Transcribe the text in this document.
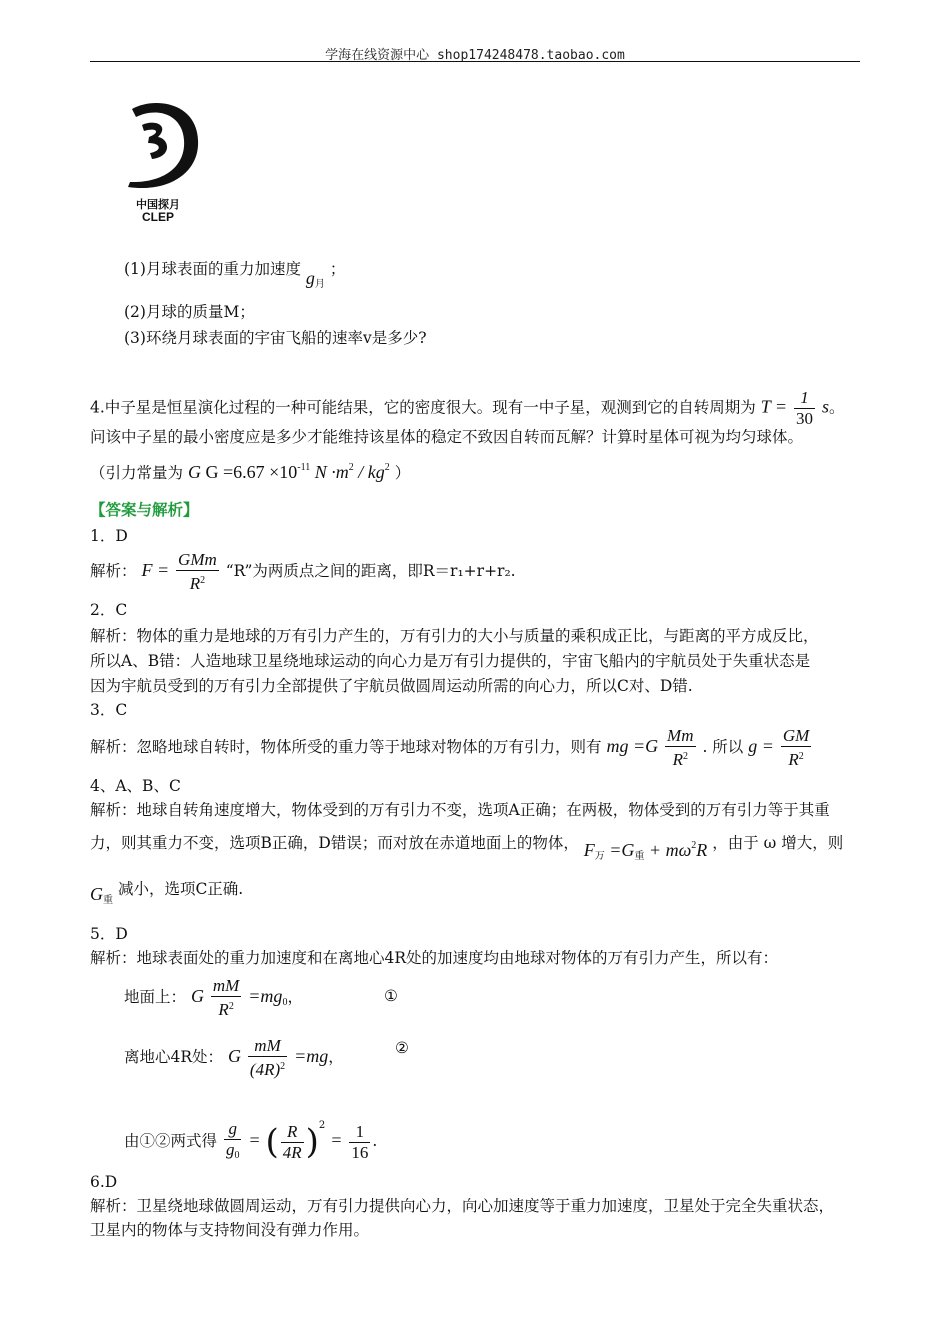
学海在线资源中心 shop174248478.taobao.com
中国探月
CLEP
(1)月球表面的重力加速度 $g_月$ ；
(2)月球的质量M；
(3)环绕月球表面的宇宙飞船的速率v是多少?
4.中子星是恒星演化过程的一种可能结果，它的密度很大。现有一中子星，观测到它的自转周期为 $T = \frac{1}{30}$ s。
问该中子星的最小密度应是多少才能维持该星体的稳定不致因自转而瓦解？计算时星体可视为均匀球体。
（引力常量为 G $G =6.67 \times 10^{-11}$ $N \cdot m^2 / kg^2$ ）
【答案与解析】
1．D
解析： $F = \frac{\text{GMm}}{R^2}$ “R”为两质点之间的距离，即R＝r₁+r+r₂.
2．C
解析：物体的重力是地球的万有引力产生的，万有引力的大小与质量的乘积成正比，与距离的平方成反比，
所以A、B错：人造地球卫星绕地球运动的向心力是万有引力提供的，宇宙飞船内的宇航员处于失重状态是
因为宇航员受到的万有引力全部提供了宇航员做圆周运动所需的向心力，所以C对、D错.
3．C
解析：忽略地球自转时，物体所受的重力等于地球对物体的万有引力，则有 mg $=G \frac{Mm}{R^2}$ . 所以 $g = \frac{GM}{R^2}$
4、A、B、C
解析：地球自转角速度增大，物体受到的万有引力不变，选项A正确；在两极，物体受到的万有引力等于其重
力，则其重力不变，选项B正确，D错误；而对放在赤道地面上的物体， $F_万 =G_重 + m\omega^2R$ ，由于 ω 增大，则
$G_重$ 减小，选项C正确.
5．D
解析：地球表面处的重力加速度和在离地心4R处的加速度均由地球对物体的万有引力产生，所以有：
地面上： G $\frac{mM}{R^2} =mg_0$，	①
离地心4R处： G $\frac{mM}{(4R)^2} =mg$，	②
由①②两式得 $\frac{g}{g_0}$ = ( $\frac{R}{4R} )^2 = \frac{1}{16}$ .
6.D
解析：卫星绕地球做圆周运动，万有引力提供向心力，向心加速度等于重力加速度，卫星处于完全失重状态，
卫星内的物体与支持物间没有弹力作用。
